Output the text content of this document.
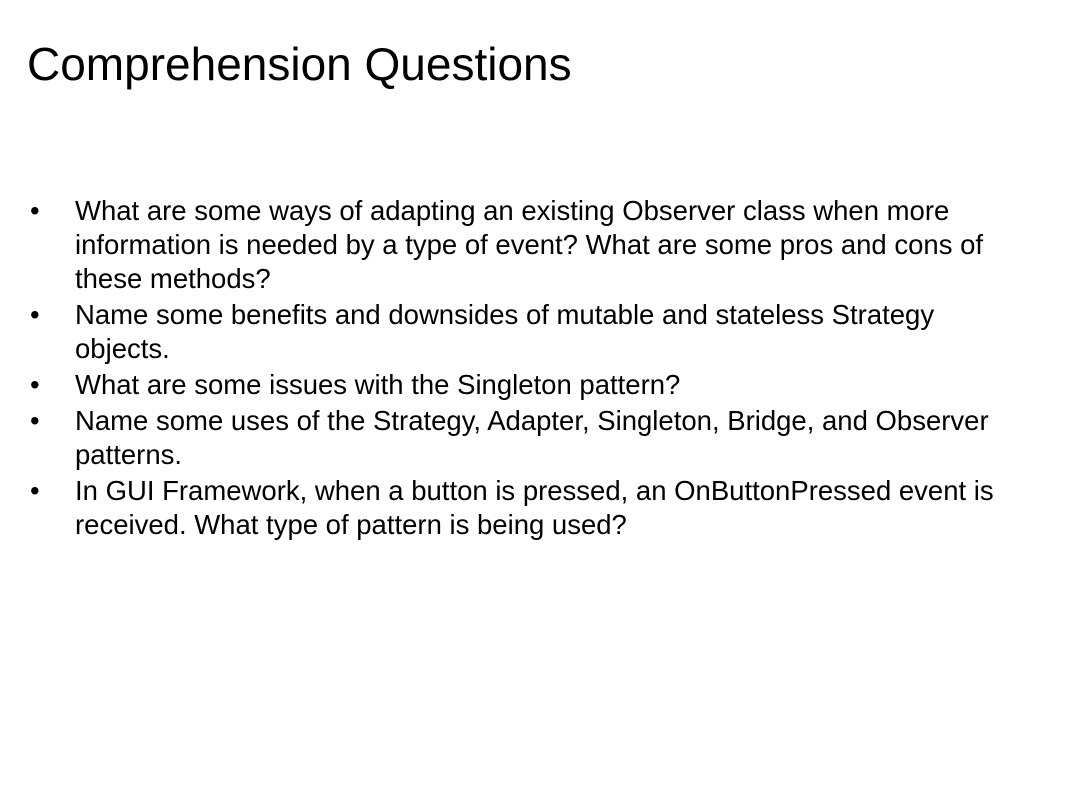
Comprehension Questions
•	What are some ways of adapting an existing Observer class when more information is needed by a type of event? What are some pros and cons of these methods?
•	Name some benefits and downsides of mutable and stateless Strategy objects.
•	What are some issues with the Singleton pattern?
•	Name some uses of the Strategy, Adapter, Singleton, Bridge, and Observer patterns.
•	In GUI Framework, when a button is pressed, an OnButtonPressed event is received. What type of pattern is being used?
